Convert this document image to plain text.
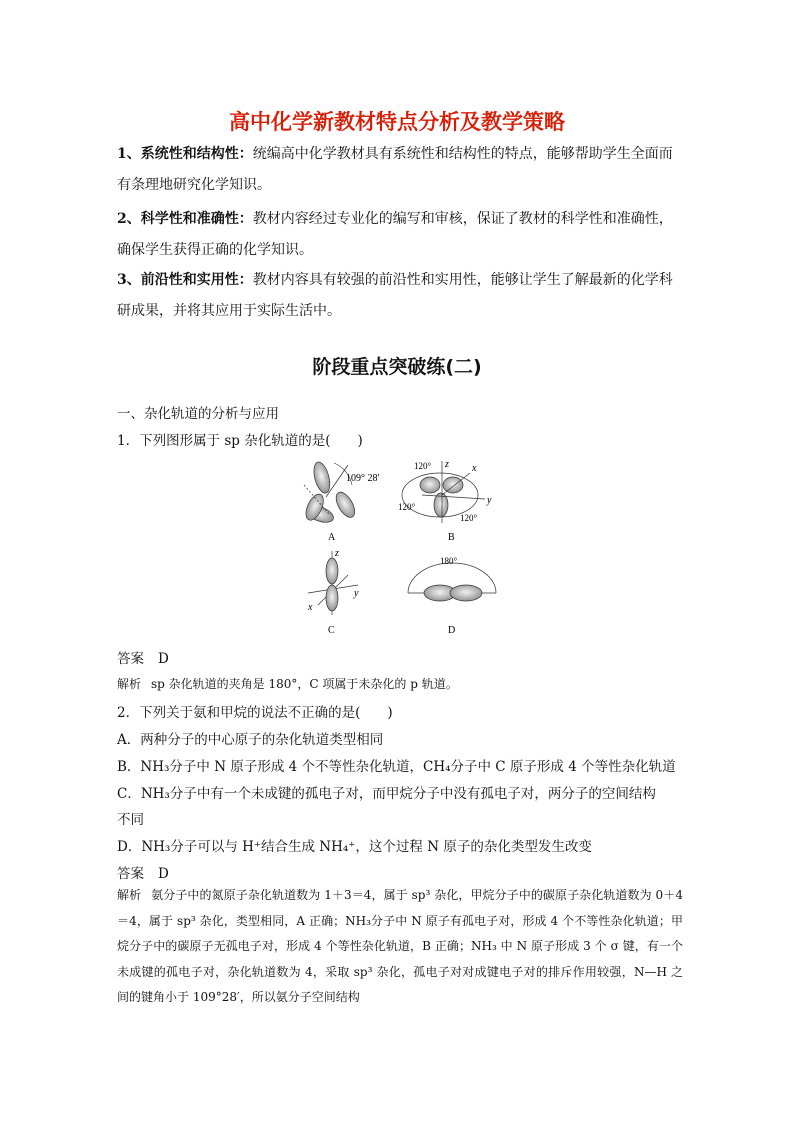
高中化学新教材特点分析及教学策略
1、系统性和结构性：统编高中化学教材具有系统性和结构性的特点，能够帮助学生全面而有条理地研究化学知识。
2、科学性和准确性：教材内容经过专业化的编写和审核，保证了教材的科学性和准确性，确保学生获得正确的化学知识。
3、前沿性和实用性：教材内容具有较强的前沿性和实用性，能够让学生了解最新的化学科研成果，并将其应用于实际生活中。
阶段重点突破练(二)
一、杂化轨道的分析与应用
1．下列图形属于 sp 杂化轨道的是(　　)
109° 28′
A
z x
y
120°
120°
120°
B
z
x
y
C
180°
D
答案 D
解析 sp 杂化轨道的夹角是 180°，C 项属于未杂化的 p 轨道。
2．下列关于氨和甲烷的说法不正确的是(　　)
A．两种分子的中心原子的杂化轨道类型相同
B．NH₃分子中 N 原子形成 4 个不等性杂化轨道，CH₄分子中 C 原子形成 4 个等性杂化轨道
C．NH₃分子中有一个未成键的孤电子对，而甲烷分子中没有孤电子对，两分子的空间结构
不同
D．NH₃分子可以与 H⁺结合生成 NH₄⁺，这个过程 N 原子的杂化类型发生改变
答案 D
解析 氨分子中的氮原子杂化轨道数为 1＋3＝4，属于 sp³ 杂化，甲烷分子中的碳原子杂化轨道数为 0＋4＝4，属于 sp³ 杂化，类型相同，A 正确；NH₃分子中 N 原子有孤电子对，形成 4 个不等性杂化轨道；甲烷分子中的碳原子无孤电子对，形成 4 个等性杂化轨道，B 正确；NH₃ 中 N 原子形成 3 个 σ 键，有一个未成键的孤电子对，杂化轨道数为 4，采取 sp³ 杂化，孤电子对对成键电子对的排斥作用较强，N—H 之间的键角小于 109°28′，所以氨分子空间结构
